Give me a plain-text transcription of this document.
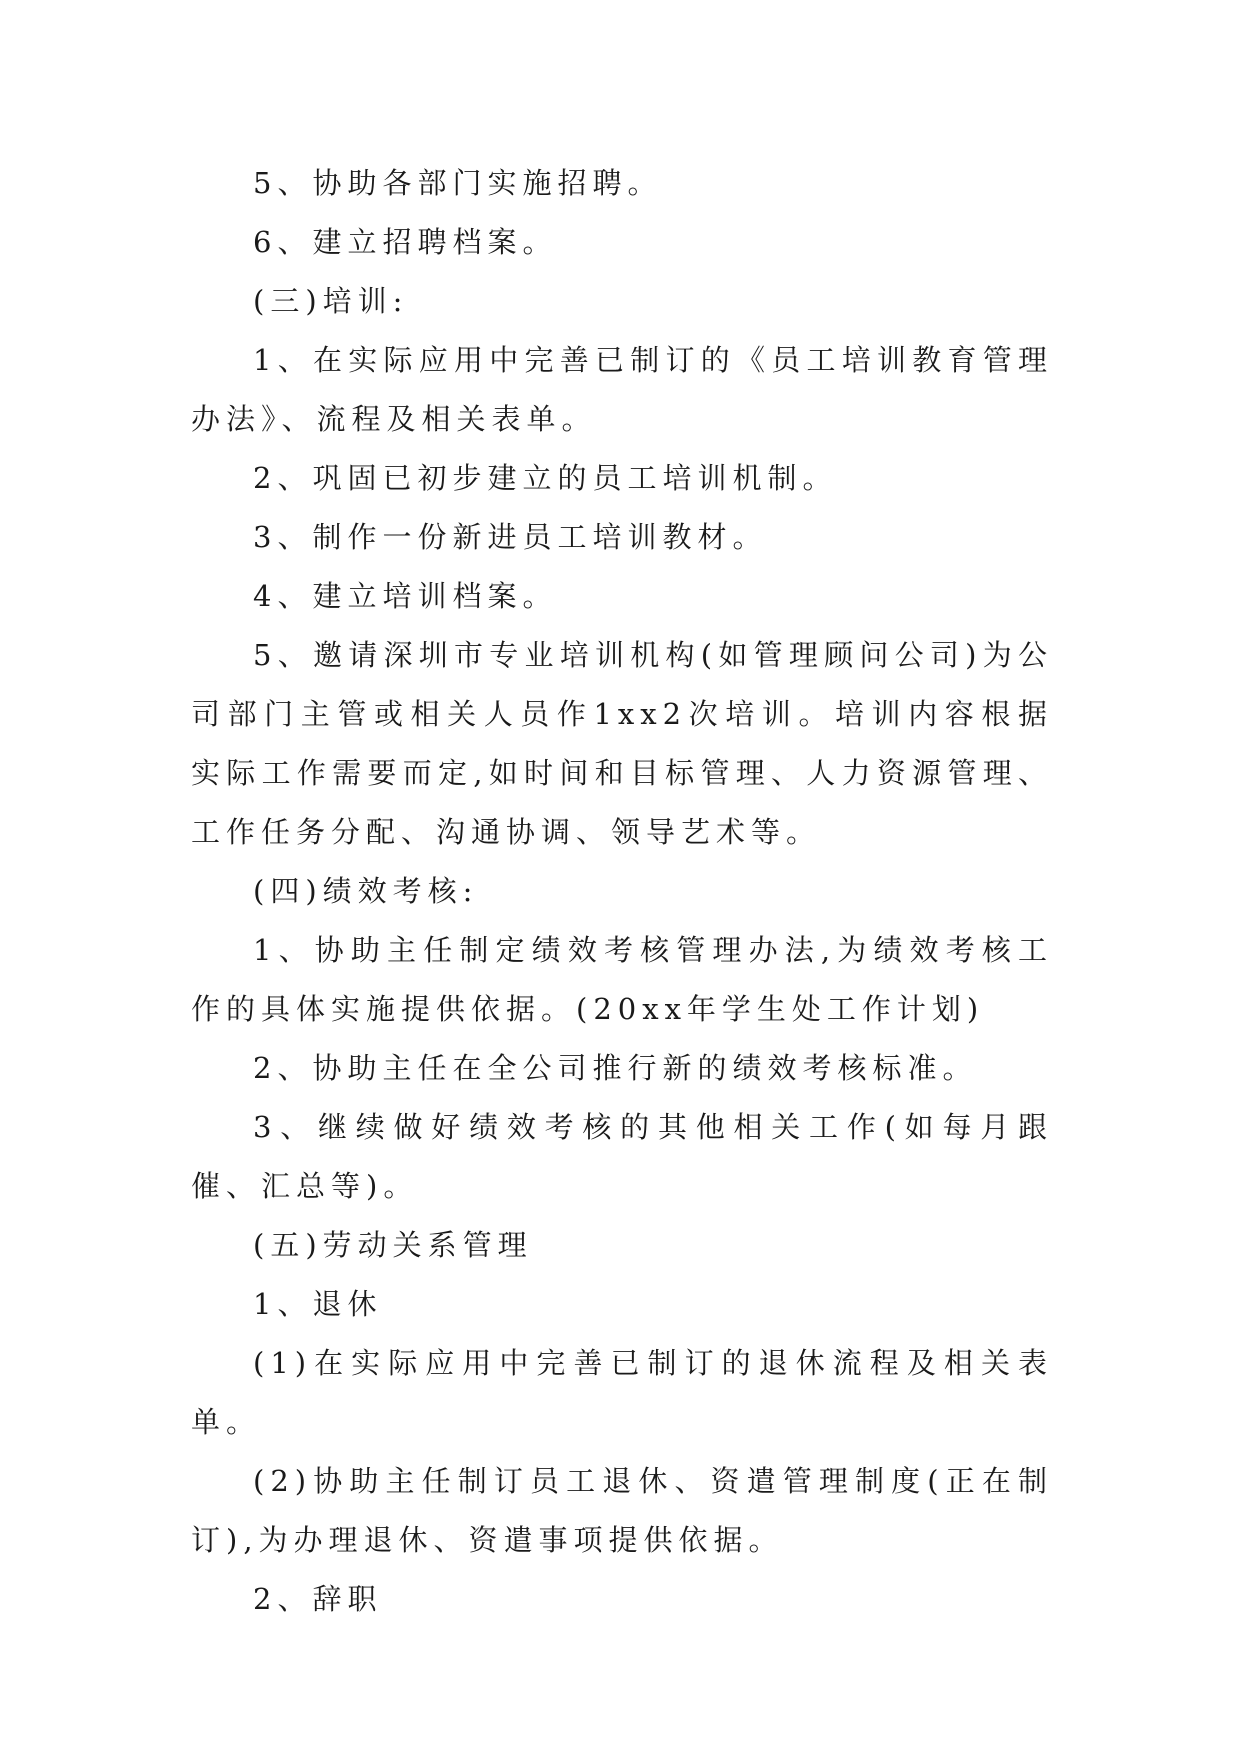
5、协助各部门实施招聘。

6、建立招聘档案。

(三)培训:

1、在实际应用中完善已制订的《员工培训教育管理办法》、流程及相关表单。

2、巩固已初步建立的员工培训机制。

3、制作一份新进员工培训教材。

4、建立培训档案。

5、邀请深圳市专业培训机构(如管理顾问公司)为公司部门主管或相关人员作1xx2次培训。培训内容根据实际工作需要而定,如时间和目标管理、人力资源管理、工作任务分配、沟通协调、领导艺术等。

(四)绩效考核:

1、协助主任制定绩效考核管理办法,为绩效考核工作的具体实施提供依据。(20xx年学生处工作计划)

2、协助主任在全公司推行新的绩效考核标准。

3、继续做好绩效考核的其他相关工作(如每月跟催、汇总等)。

(五)劳动关系管理

1、退休

(1)在实际应用中完善已制订的退休流程及相关表单。

(2)协助主任制订员工退休、资遣管理制度(正在制订),为办理退休、资遣事项提供依据。

2、辞职
